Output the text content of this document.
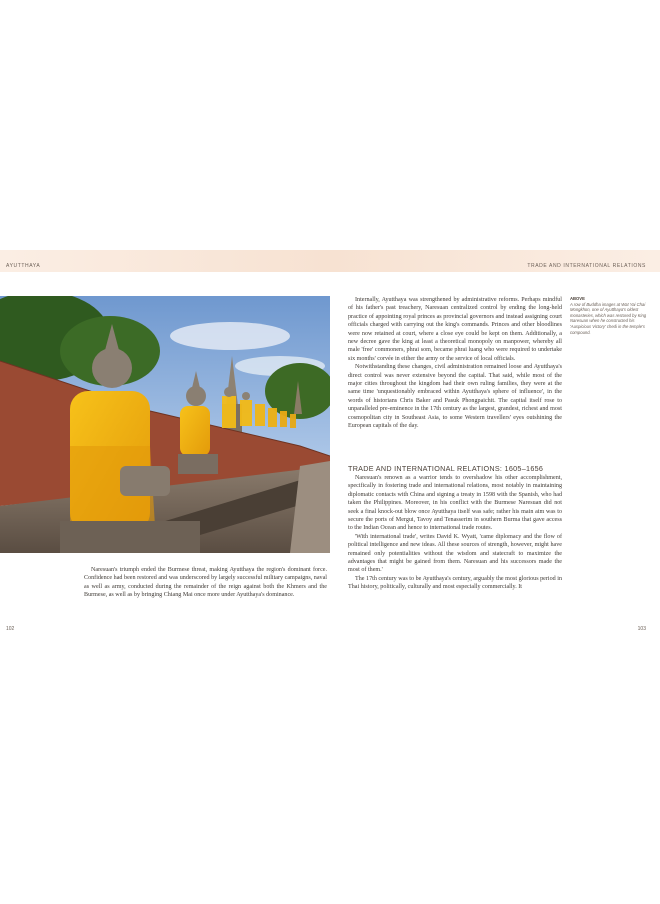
AYUTTHAYA	TRADE AND INTERNATIONAL RELATIONS
ABOVE
A row of Buddha images at Wat Yai Chai Mongkhon, one of Ayutthaya's oldest monasteries, which was restored by King Naresuan when he constructed his 'Auspicious Victory' chedi in the temple's compound.

Naresuan's triumph ended the Burmese threat, making Ayutthaya the region's dominant force. Confidence had been restored and was underscored by largely successful military campaigns, naval as well as army, conducted during the remainder of the reign against both the Khmers and the Burmese, as well as by bringing Chiang Mai once more under Ayutthaya's dominance.

Internally, Ayutthaya was strengthened by administrative reforms. Perhaps mindful of his father's past treachery, Naresuan centralized control by ending the long-held practice of appointing royal princes as provincial governors and instead assigning court officials charged with carrying out the king's commands. Princes and other bloodlines were now retained at court, where a close eye could be kept on them. Additionally, a new decree gave the king at least a theoretical monopoly on manpower, whereby all male 'free' commoners, phrai som, became phrai luang who were required to undertake six months' corvée in either the army or the service of local officials.

Notwithstanding these changes, civil administration remained loose and Ayutthaya's direct control was never extensive beyond the capital. That said, while most of the major cities throughout the kingdom had their own ruling families, they were at the same time 'unquestionably embraced within Ayutthaya's sphere of influence', in the words of historians Chris Baker and Pasuk Phongpaichit. The capital itself rose to unparalleled pre-eminence in the 17th century as the largest, grandest, richest and most cosmopolitan city in Southeast Asia, to some Western travellers' eyes outshining the European capitals of the day.

TRADE AND INTERNATIONAL RELATIONS: 1605–1656

Naresuan's renown as a warrior tends to overshadow his other accomplishment, specifically in fostering trade and international relations, most notably in maintaining diplomatic contacts with China and signing a treaty in 1598 with the Spanish, who had taken the Philippines. Moreover, in his conflict with the Burmese Naresuan did not seek a final knock-out blow once Ayutthaya itself was safe; rather his main aim was to secure the ports of Mergui, Tavoy and Tenasserim in southern Burma that gave access to the Indian Ocean and hence to international trade routes.

'With international trade', writes David K. Wyatt, 'came diplomacy and the flow of political intelligence and new ideas. All these sources of strength, however, might have remained only potentialities without the wisdom and statecraft to maximize the advantages that might be gained from them. Naresuan and his successors made the most of them.'

The 17th century was to be Ayutthaya's century, arguably the most glorious period in Thai history, politically, culturally and most especially commercially. It

102	103
